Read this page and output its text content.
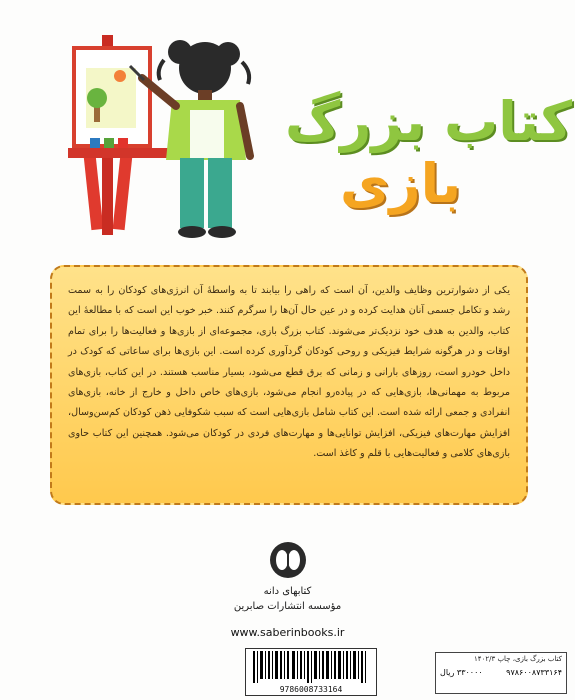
کتاب بزرگ
بازی

یکی از دشوارترین وظایف والدین، آن است که راهی را بیابند تا به واسطهٔ آن انرژی‌های کودکان را به سمت رشد و تکامل جسمی آنان هدایت کرده و در عین حال آن‌ها را سرگرم کنند. خبر خوب این است که با مطالعهٔ این کتاب، والدین به هدف خود نزدیک‌تر می‌شوند. کتاب بزرگ بازی، مجموعه‌ای از بازی‌ها و فعالیت‌ها را برای تمام اوقات و در هرگونه شرایط فیزیکی و روحی کودکان گردآوری کرده است. این بازی‌ها برای ساعاتی که کودک در داخل خودرو است، روزهای بارانی و زمانی که برق قطع می‌شود، بسیار مناسب هستند. در این کتاب، بازی‌های مربوط به مهمانی‌ها، بازی‌هایی که در پیاده‌رو انجام می‌شود، بازی‌های خاص داخل و خارج از خانه، بازی‌های انفرادی و جمعی ارائه شده است. این کتاب شامل بازی‌هایی است که سبب شکوفایی ذهن کودکان کم‌سن‌وسال، افزایش مهارت‌های فیزیکی، افزایش توانایی‌ها و مهارت‌های فردی در کودکان می‌شود. همچنین این کتاب حاوی بازی‌های کلامی و فعالیت‌هایی با قلم و کاغذ است.

کتابهای دانه
مؤسسه انتشارات صابرین
www.saberinbooks.ir
9786008733164
کتاب بزرگ بازی، چاپ ۱۴۰۲/۳
۹۷۸۶۰۰۸۷۳۳۱۶۴
۳۳۰۰۰۰ ریال
